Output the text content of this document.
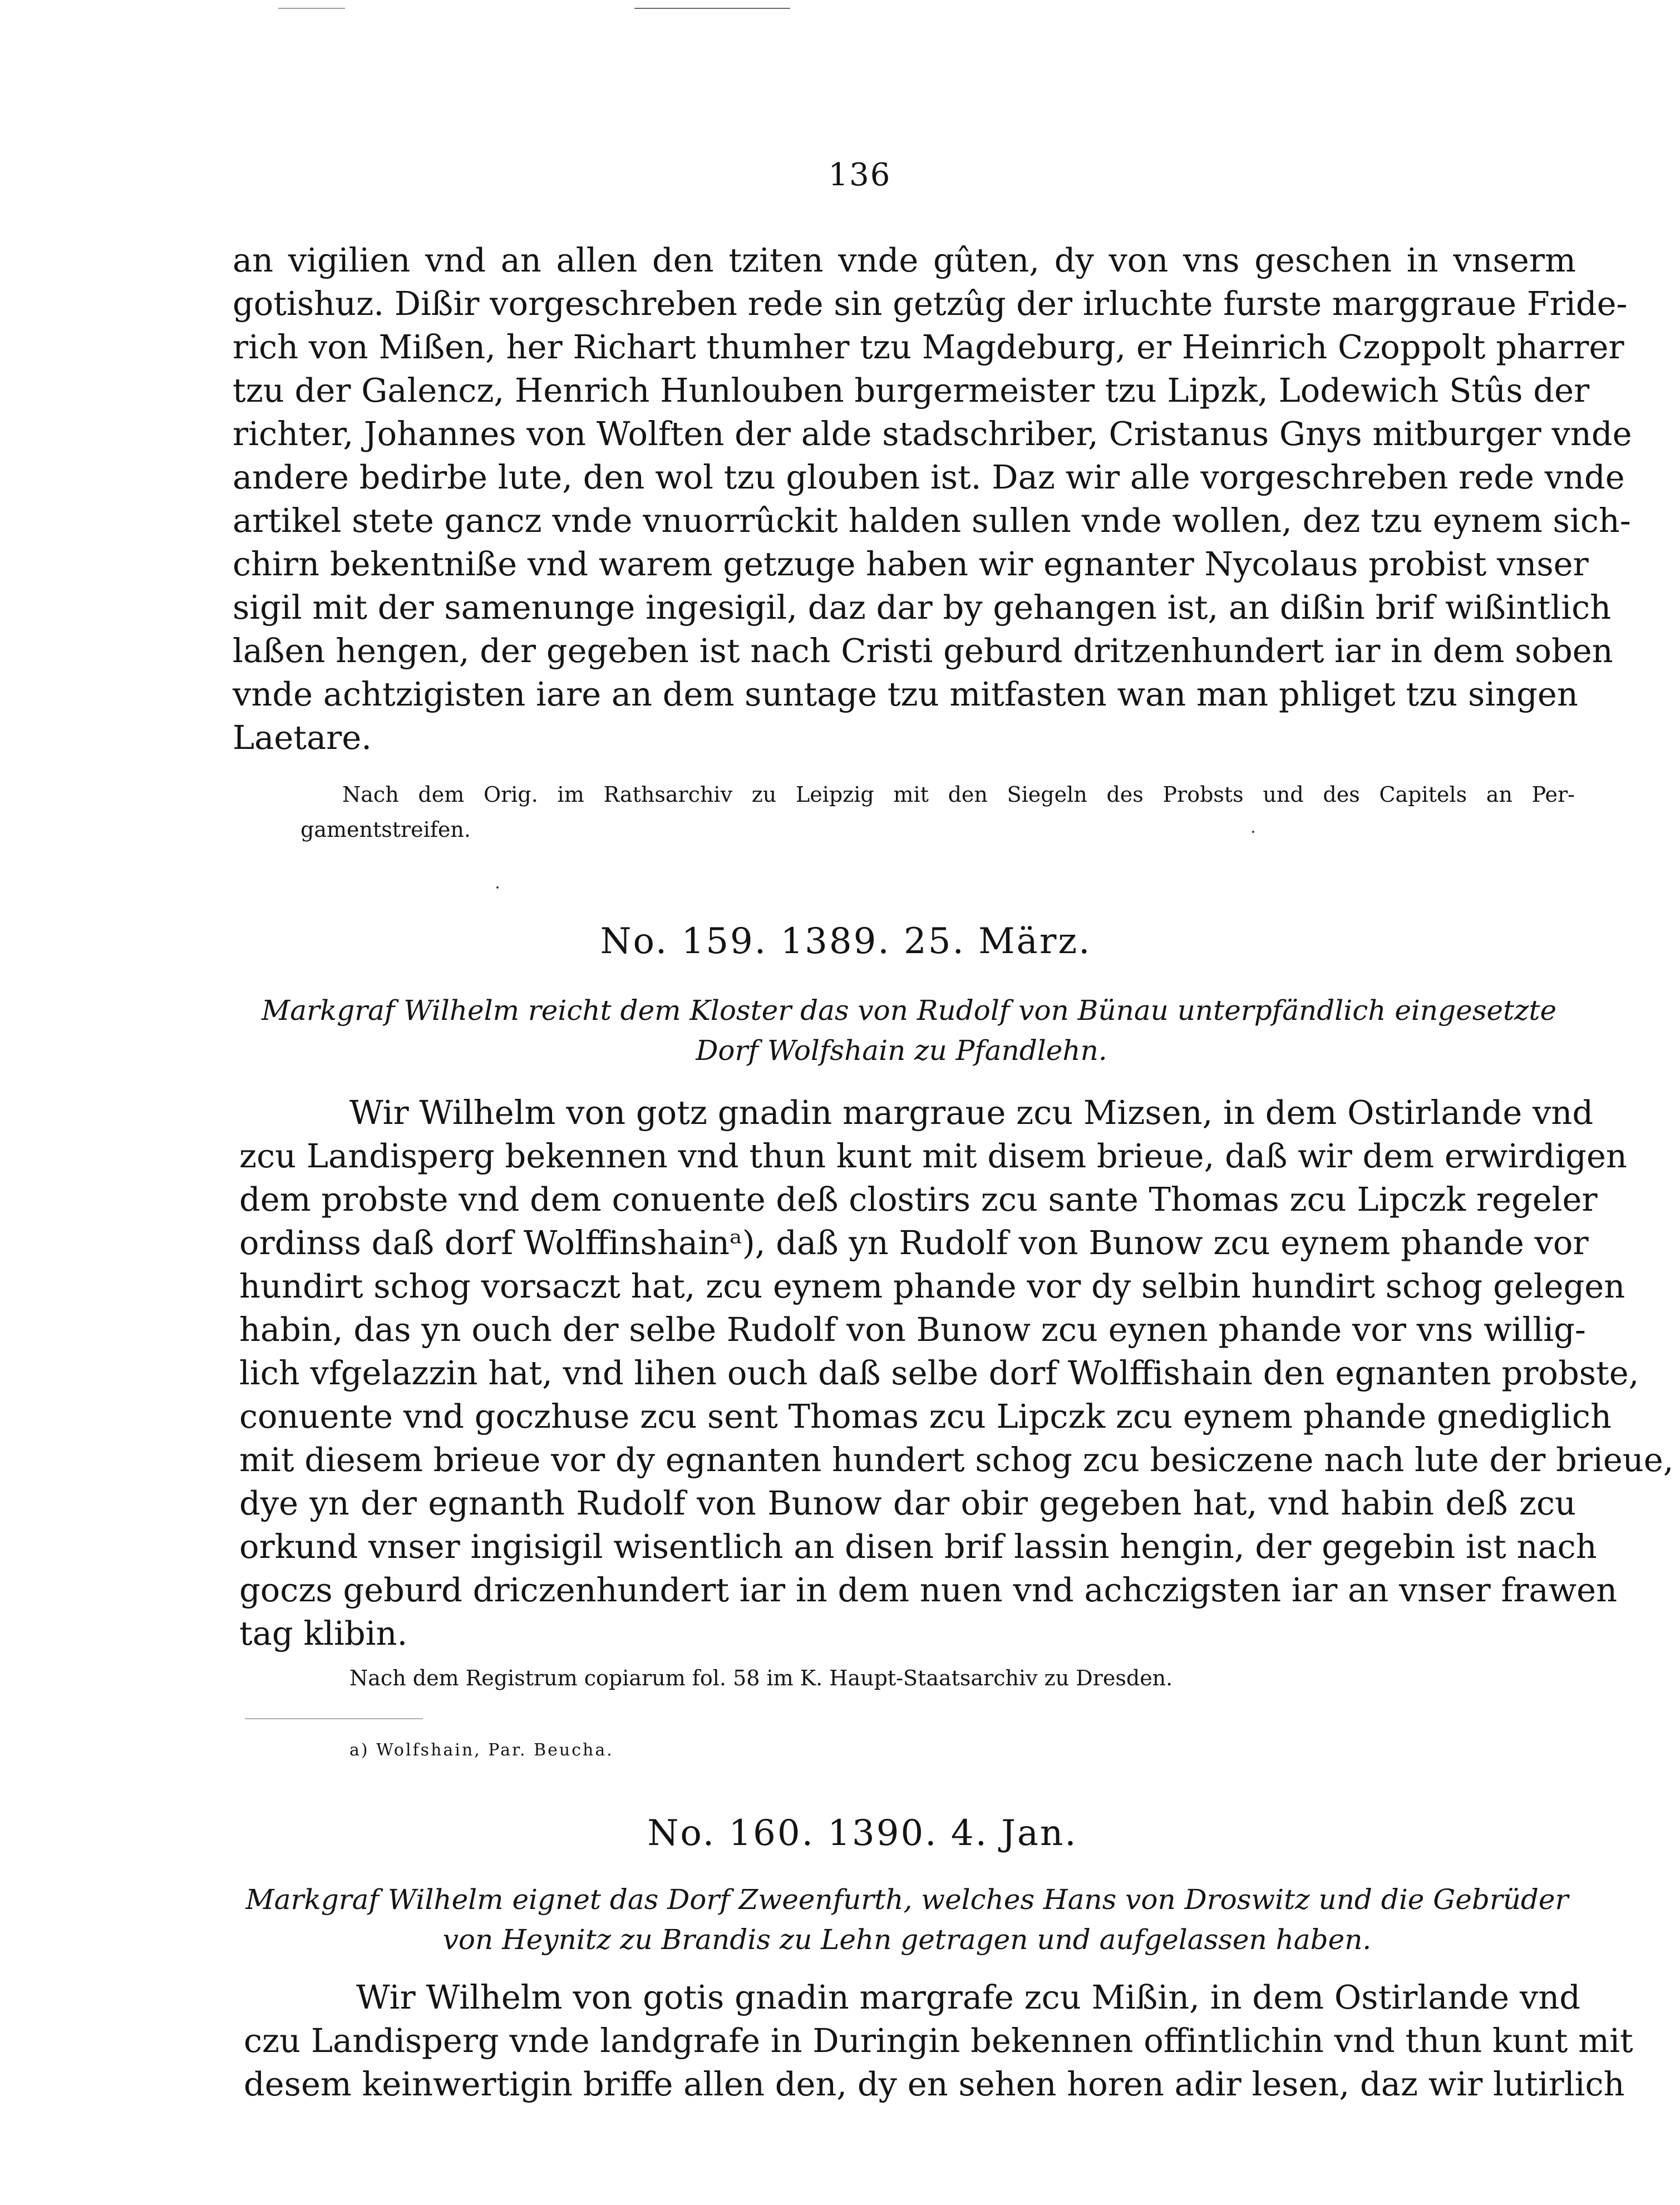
136
an vigilien vnd an allen den tziten vnde gûten, dy von vns geschen in vnserm
gotishuz. Dißir vorgeschreben rede sin getzûg der irluchte furste marggraue Fride-
rich von Mißen, her Richart thumher tzu Magdeburg, er Heinrich Czoppolt pharrer
tzu der Galencz, Henrich Hunlouben burgermeister tzu Lipzk, Lodewich Stûs der
richter, Johannes von Wolften der alde stadschriber, Cristanus Gnys mitburger vnde
andere bedirbe lute, den wol tzu glouben ist. Daz wir alle vorgeschreben rede vnde
artikel stete gancz vnde vnuorrûckit halden sullen vnde wollen, dez tzu eynem sich-
chirn bekentniße vnd warem getzuge haben wir egnanter Nycolaus probist vnser
sigil mit der samenunge ingesigil, daz dar by gehangen ist, an dißin brif wißintlich
laßen hengen, der gegeben ist nach Cristi geburd dritzenhundert iar in dem soben
vnde achtzigisten iare an dem suntage tzu mitfasten wan man phliget tzu singen
Laetare.
Nach dem Orig. im Rathsarchiv zu Leipzig mit den Siegeln des Probsts und des Capitels an Per-
gamentstreifen.
No. 159. 1389. 25. März.
Markgraf Wilhelm reicht dem Kloster das von Rudolf von Bünau unterpfändlich eingesetzte
Dorf Wolfshain zu Pfandlehn.
Wir Wilhelm von gotz gnadin margraue zcu Mizsen, in dem Ostirlande vnd
zcu Landisperg bekennen vnd thun kunt mit disem brieue, daß wir dem erwirdigen
dem probste vnd dem conuente deß clostirs zcu sante Thomas zcu Lipczk regeler
ordinss daß dorf Wolffinshainᵃ), daß yn Rudolf von Bunow zcu eynem phande vor
hundirt schog vorsaczt hat, zcu eynem phande vor dy selbin hundirt schog gelegen
habin, das yn ouch der selbe Rudolf von Bunow zcu eynen phande vor vns willig-
lich vfgelazzin hat, vnd lihen ouch daß selbe dorf Wolffishain den egnanten probste,
conuente vnd goczhuse zcu sent Thomas zcu Lipczk zcu eynem phande gnediglich
mit diesem brieue vor dy egnanten hundert schog zcu besiczene nach lute der brieue,
dye yn der egnanth Rudolf von Bunow dar obir gegeben hat, vnd habin deß zcu
orkund vnser ingisigil wisentlich an disen brif lassin hengin, der gegebin ist nach
goczs geburd driczenhundert iar in dem nuen vnd achczigsten iar an vnser frawen
tag klibin.
Nach dem Registrum copiarum fol. 58 im K. Haupt-Staatsarchiv zu Dresden.
a) Wolfshain, Par. Beucha.
No. 160. 1390. 4. Jan.
Markgraf Wilhelm eignet das Dorf Zweenfurth, welches Hans von Droswitz und die Gebrüder
von Heynitz zu Brandis zu Lehn getragen und aufgelassen haben.
Wir Wilhelm von gotis gnadin margrafe zcu Mißin, in dem Ostirlande vnd
czu Landisperg vnde landgrafe in Duringin bekennen offintlichin vnd thun kunt mit
desem keinwertigin briffe allen den, dy en sehen horen adir lesen, daz wir lutirlich
